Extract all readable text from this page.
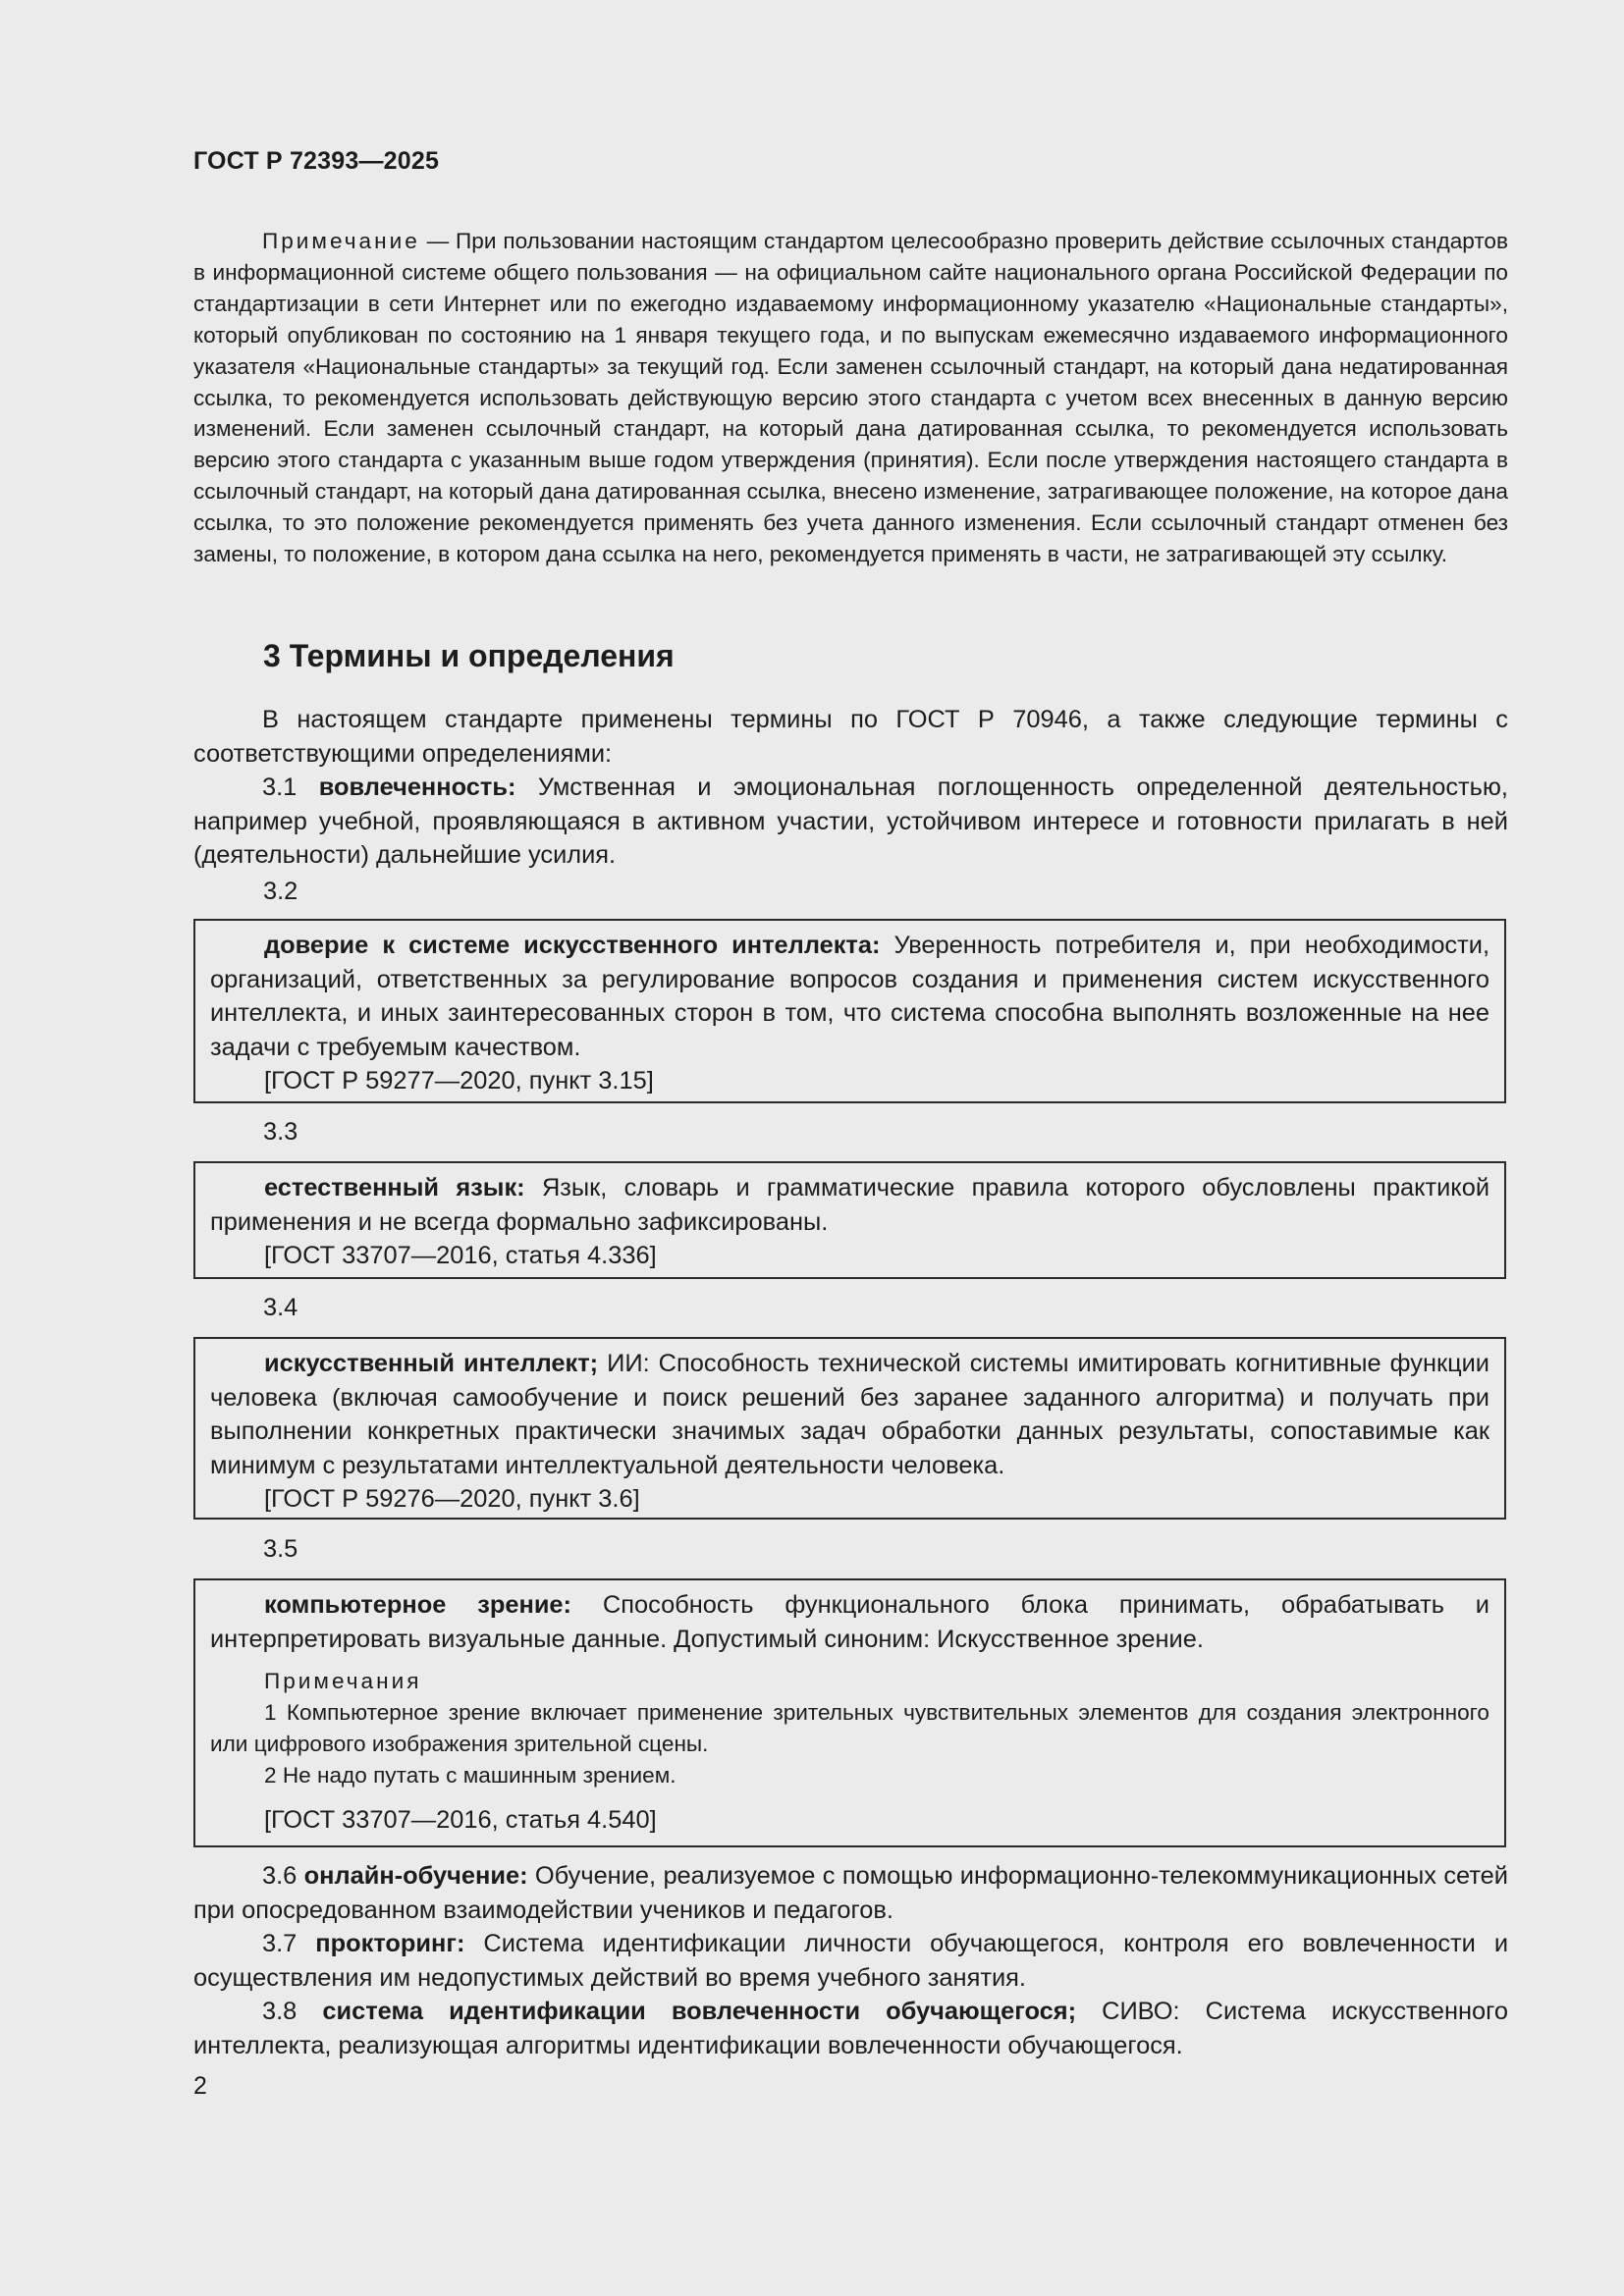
ГОСТ Р 72393—2025

Примечание — При пользовании настоящим стандартом целесообразно проверить действие ссылочных стандартов в информационной системе общего пользования — на официальном сайте национального органа Российской Федерации по стандартизации в сети Интернет или по ежегодно издаваемому информационному указателю «Национальные стандарты», который опубликован по состоянию на 1 января текущего года, и по выпускам ежемесячно издаваемого информационного указателя «Национальные стандарты» за текущий год. Если заменен ссылочный стандарт, на который дана недатированная ссылка, то рекомендуется использовать действующую версию этого стандарта с учетом всех внесенных в данную версию изменений. Если заменен ссылочный стандарт, на который дана датированная ссылка, то рекомендуется использовать версию этого стандарта с указанным выше годом утверждения (принятия). Если после утверждения настоящего стандарта в ссылочный стандарт, на который дана датированная ссылка, внесено изменение, затрагивающее положение, на которое дана ссылка, то это положение рекомендуется применять без учета данного изменения. Если ссылочный стандарт отменен без замены, то положение, в котором дана ссылка на него, рекомендуется применять в части, не затрагивающей эту ссылку.

3 Термины и определения

В настоящем стандарте применены термины по ГОСТ Р 70946, а также следующие термины с соответствующими определениями:

3.1 вовлеченность: Умственная и эмоциональная поглощенность определенной деятельностью, например учебной, проявляющаяся в активном участии, устойчивом интересе и готовности прилагать в ней (деятельности) дальнейшие усилия.

3.2

доверие к системе искусственного интеллекта: Уверенность потребителя и, при необходимости, организаций, ответственных за регулирование вопросов создания и применения систем искусственного интеллекта, и иных заинтересованных сторон в том, что система способна выполнять возложенные на нее задачи с требуемым качеством.

[ГОСТ Р 59277—2020, пункт 3.15]

3.3

естественный язык: Язык, словарь и грамматические правила которого обусловлены практикой применения и не всегда формально зафиксированы.

[ГОСТ 33707—2016, статья 4.336]

3.4

искусственный интеллект; ИИ: Способность технической системы имитировать когнитивные функции человека (включая самообучение и поиск решений без заранее заданного алгоритма) и получать при выполнении конкретных практически значимых задач обработки данных результаты, сопоставимые как минимум с результатами интеллектуальной деятельности человека.

[ГОСТ Р 59276—2020, пункт 3.6]

3.5

компьютерное зрение: Способность функционального блока принимать, обрабатывать и интерпретировать визуальные данные. Допустимый синоним: Искусственное зрение.

Примечания

1 Компьютерное зрение включает применение зрительных чувствительных элементов для создания электронного или цифрового изображения зрительной сцены.

2 Не надо путать с машинным зрением.

[ГОСТ 33707—2016, статья 4.540]

3.6 онлайн-обучение: Обучение, реализуемое с помощью информационно-телекоммуникационных сетей при опосредованном взаимодействии учеников и педагогов.

3.7 прокторинг: Система идентификации личности обучающегося, контроля его вовлеченности и осуществления им недопустимых действий во время учебного занятия.

3.8 система идентификации вовлеченности обучающегося; СИВО: Система искусственного интеллекта, реализующая алгоритмы идентификации вовлеченности обучающегося.

2
